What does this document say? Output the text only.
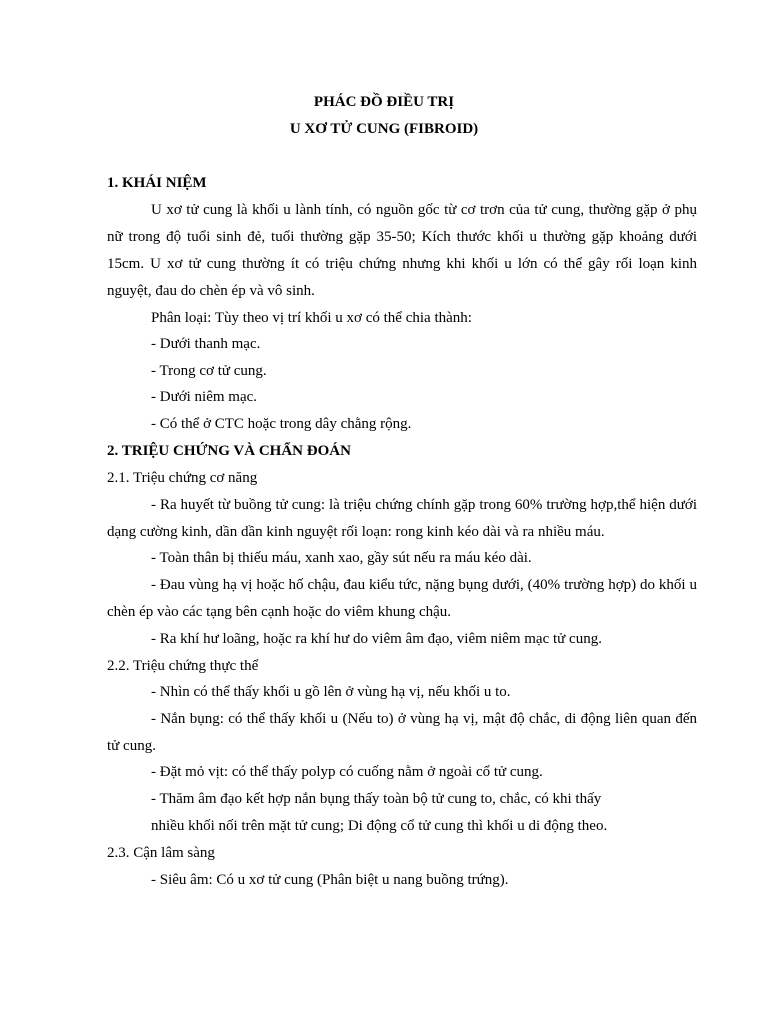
PHÁC ĐỒ ĐIỀU TRỊ
U XƠ TỬ CUNG (FIBROID)
1. KHÁI NIỆM
U xơ tử cung là khối u lành tính, có nguồn gốc từ cơ trơn của tử cung, thường gặp ở phụ
nữ trong độ tuổi sinh đẻ, tuổi thường gặp 35-50; Kích thước khối u thường gặp khoảng dưới
15cm. U xơ tử cung thường ít có triệu chứng nhưng khi khối u lớn có thể gây rối loạn kinh
nguyệt, đau do chèn ép và vô sinh.
Phân loại: Tùy theo vị trí khối u xơ có thể chia thành:
- Dưới thanh mạc.
- Trong cơ tử cung.
- Dưới niêm mạc.
- Có thể ở CTC hoặc trong dây chằng rộng.
2. TRIỆU CHỨNG VÀ CHẨN ĐOÁN
2.1. Triệu chứng cơ năng
- Ra huyết từ buồng tử cung: là triệu chứng chính gặp trong 60% trường hợp,thể hiện dưới
dạng cường kinh, dần dần kinh nguyệt rối loạn: rong kinh kéo dài và ra nhiều máu.
- Toàn thân bị thiếu máu, xanh xao, gầy sút nếu ra máu kéo dài.
- Đau vùng hạ vị hoặc hố chậu, đau kiểu tức, nặng bụng dưới, (40% trường hợp) do khối u
chèn ép vào các tạng bên cạnh hoặc do viêm khung chậu.
- Ra khí hư loãng, hoặc ra khí hư do viêm âm đạo, viêm niêm mạc tử cung.
2.2. Triệu chứng thực thể
- Nhìn có thể thấy khối u gồ lên ở vùng hạ vị, nếu khối u to.
- Nắn bụng: có thể thấy khối u (Nếu to) ở vùng hạ vị, mật độ chắc, di động liên quan đến
tử cung.
- Đặt mỏ vịt: có thể thấy polyp có cuống nằm ở ngoài cổ tử cung.
- Thăm âm đạo kết hợp nắn bụng thấy toàn bộ tử cung to, chắc, có khi thấy
nhiều khối nối trên mặt tử cung; Di động cổ tử cung thì khối u di động theo.
2.3. Cận lâm sàng
- Siêu âm: Có u xơ tử cung (Phân biệt u nang buồng trứng).
